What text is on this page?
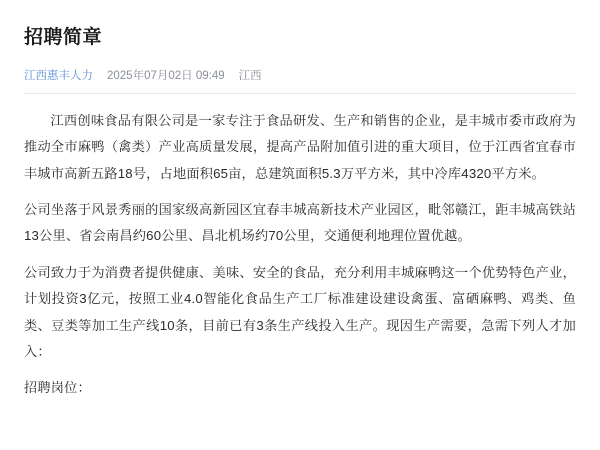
招聘简章
江西惠丰人力 2025年07月02日 09:49 江西

江西创味食品有限公司是一家专注于食品研发、生产和销售的企业，是丰城市委市政府为推动全市麻鸭（禽类）产业高质量发展，提高产品附加值引进的重大项目，位于江西省宜春市丰城市高新五路18号，占地面积65亩，总建筑面积5.3万平方米，其中冷库4320平方米。

公司坐落于风景秀丽的国家级高新园区宜春丰城高新技术产业园区，毗邻赣江，距丰城高铁站13公里、省会南昌约60公里、昌北机场约70公里，交通便利地理位置优越。

公司致力于为消费者提供健康、美味、安全的食品，充分利用丰城麻鸭这一个优势特色产业，计划投资3亿元，按照工业4.0智能化食品生产工厂标准建设建设禽蛋、富硒麻鸭、鸡类、鱼类、豆类等加工生产线10条，目前已有3条生产线投入生产。现因生产需要，急需下列人才加入：

招聘岗位：
